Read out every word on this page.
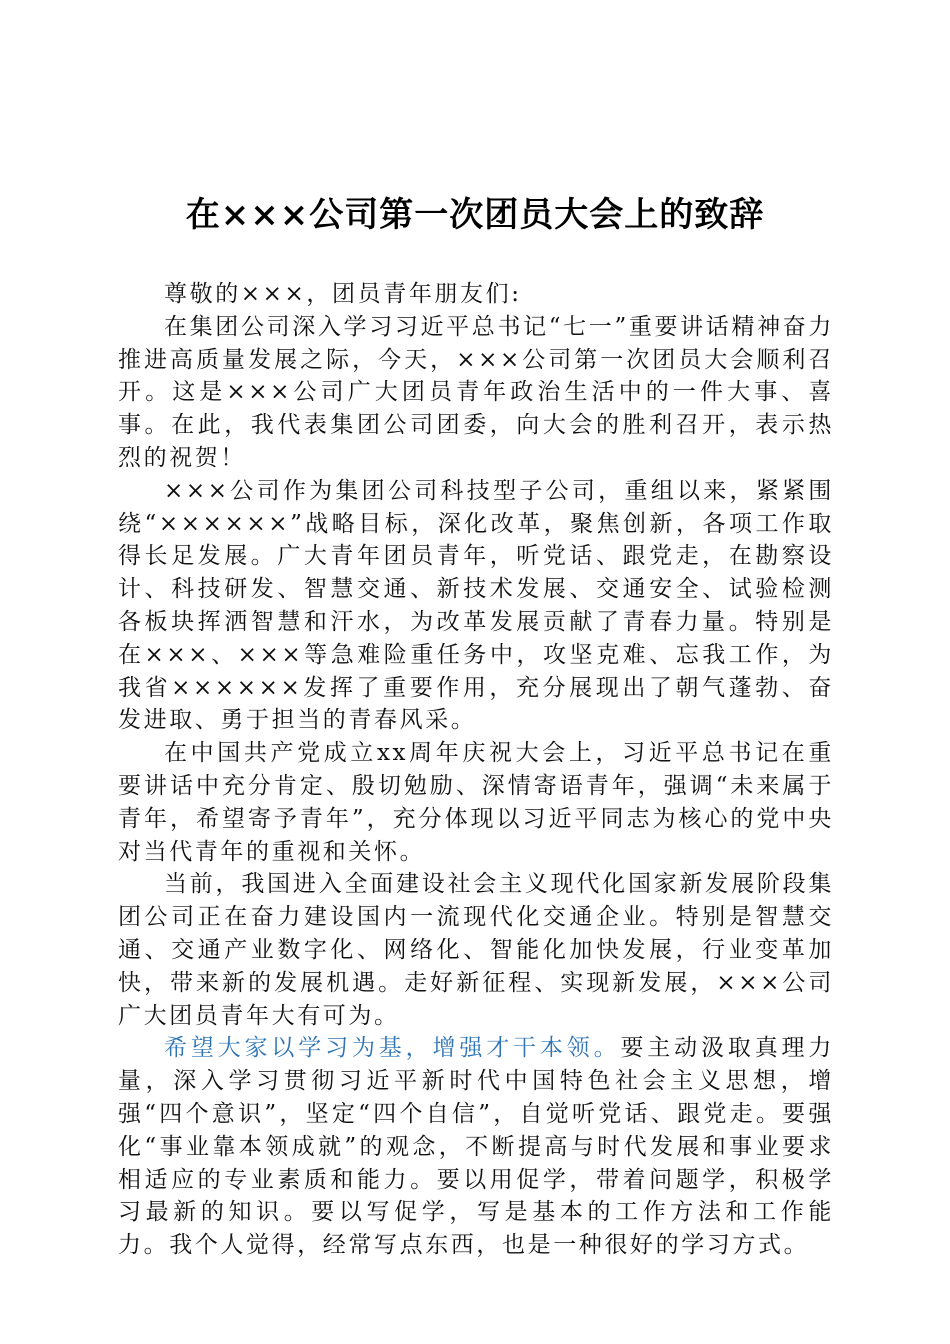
在×××公司第一次团员大会上的致辞

尊敬的×××，团员青年朋友们:

在集团公司深入学习习近平总书记“七一”重要讲话精神奋力推进高质量发展之际，今天，×××公司第一次团员大会顺利召开。这是×××公司广大团员青年政治生活中的一件大事、喜事。在此，我代表集团公司团委，向大会的胜利召开，表示热烈的祝贺！

×××公司作为集团公司科技型子公司，重组以来，紧紧围绕“××××××”战略目标，深化改革，聚焦创新，各项工作取得长足发展。广大青年团员青年，听党话、跟党走，在勘察设计、科技研发、智慧交通、新技术发展、交通安全、试验检测各板块挥洒智慧和汗水，为改革发展贡献了青春力量。特别是在×××、×××等急难险重任务中，攻坚克难、忘我工作，为我省××××××发挥了重要作用，充分展现出了朝气蓬勃、奋发进取、勇于担当的青春风采。

在中国共产党成立xx周年庆祝大会上，习近平总书记在重要讲话中充分肯定、殷切勉励、深情寄语青年，强调“未来属于青年，希望寄予青年”，充分体现以习近平同志为核心的党中央对当代青年的重视和关怀。

当前，我国进入全面建设社会主义现代化国家新发展阶段集团公司正在奋力建设国内一流现代化交通企业。特别是智慧交通、交通产业数字化、网络化、智能化加快发展，行业变革加快，带来新的发展机遇。走好新征程、实现新发展，×××公司广大团员青年大有可为。

希望大家以学习为基，增强才干本领。要主动汲取真理力量，深入学习贯彻习近平新时代中国特色社会主义思想，增强“四个意识”，坚定“四个自信”，自觉听党话、跟党走。要强化“事业靠本领成就”的观念，不断提高与时代发展和事业要求相适应的专业素质和能力。要以用促学，带着问题学，积极学习最新的知识。要以写促学，写是基本的工作方法和工作能力。我个人觉得，经常写点东西，也是一种很好的学习方式。
